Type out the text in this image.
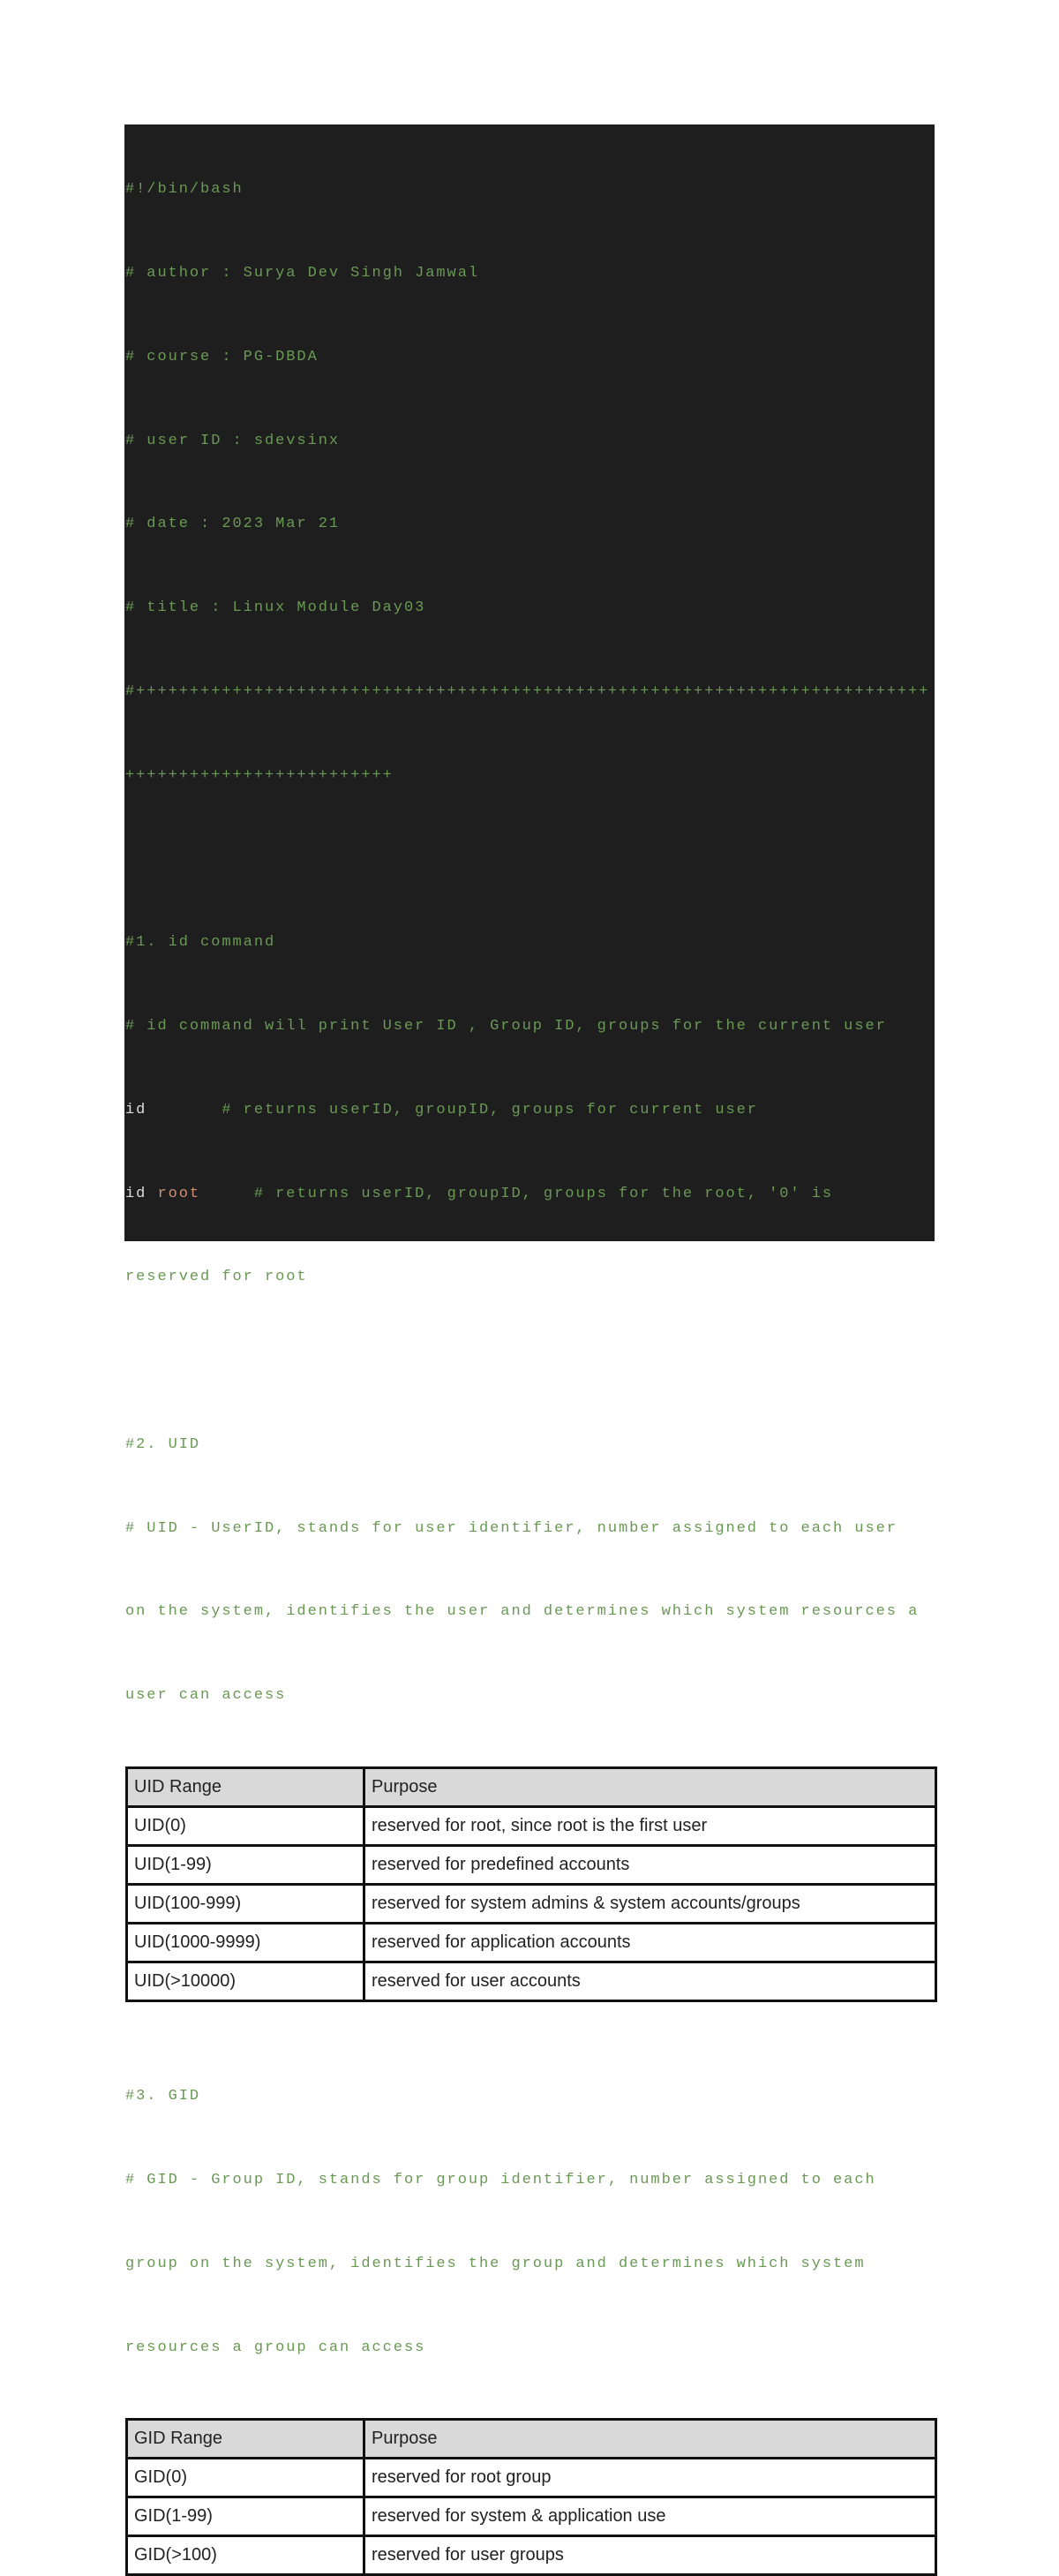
#!/bin/bash

# author : Surya Dev Singh Jamwal

# course : PG-DBDA

# user ID : sdevsinx

# date : 2023 Mar 21

# title : Linux Module Day03

#++++++++++++++++++++++++++++++++++++++++++++++++++++++++++++++++++++++++++

+++++++++++++++++++++++++

#1. id command

# id command will print User ID , Group ID, groups for the current user

id       # returns userID, groupID, groups for current user

id root     # returns userID, groupID, groups for the root, '0' is

reserved for root

#2. UID

# UID - UserID, stands for user identifier, number assigned to each user

on the system, identifies the user and determines which system resources a

user can access

UID Range	Purpose
UID(0)	reserved for root, since root is the first user
UID(1-99)	reserved for predefined accounts
UID(100-999)	reserved for system admins & system accounts/groups
UID(1000-9999)	reserved for application accounts
UID(>10000)	reserved for user accounts

#3. GID

# GID - Group ID, stands for group identifier, number assigned to each

group on the system, identifies the group and determines which system

resources a group can access

GID Range	Purpose
GID(0)	reserved for root group
GID(1-99)	reserved for system & application use
GID(>100)	reserved for user groups
